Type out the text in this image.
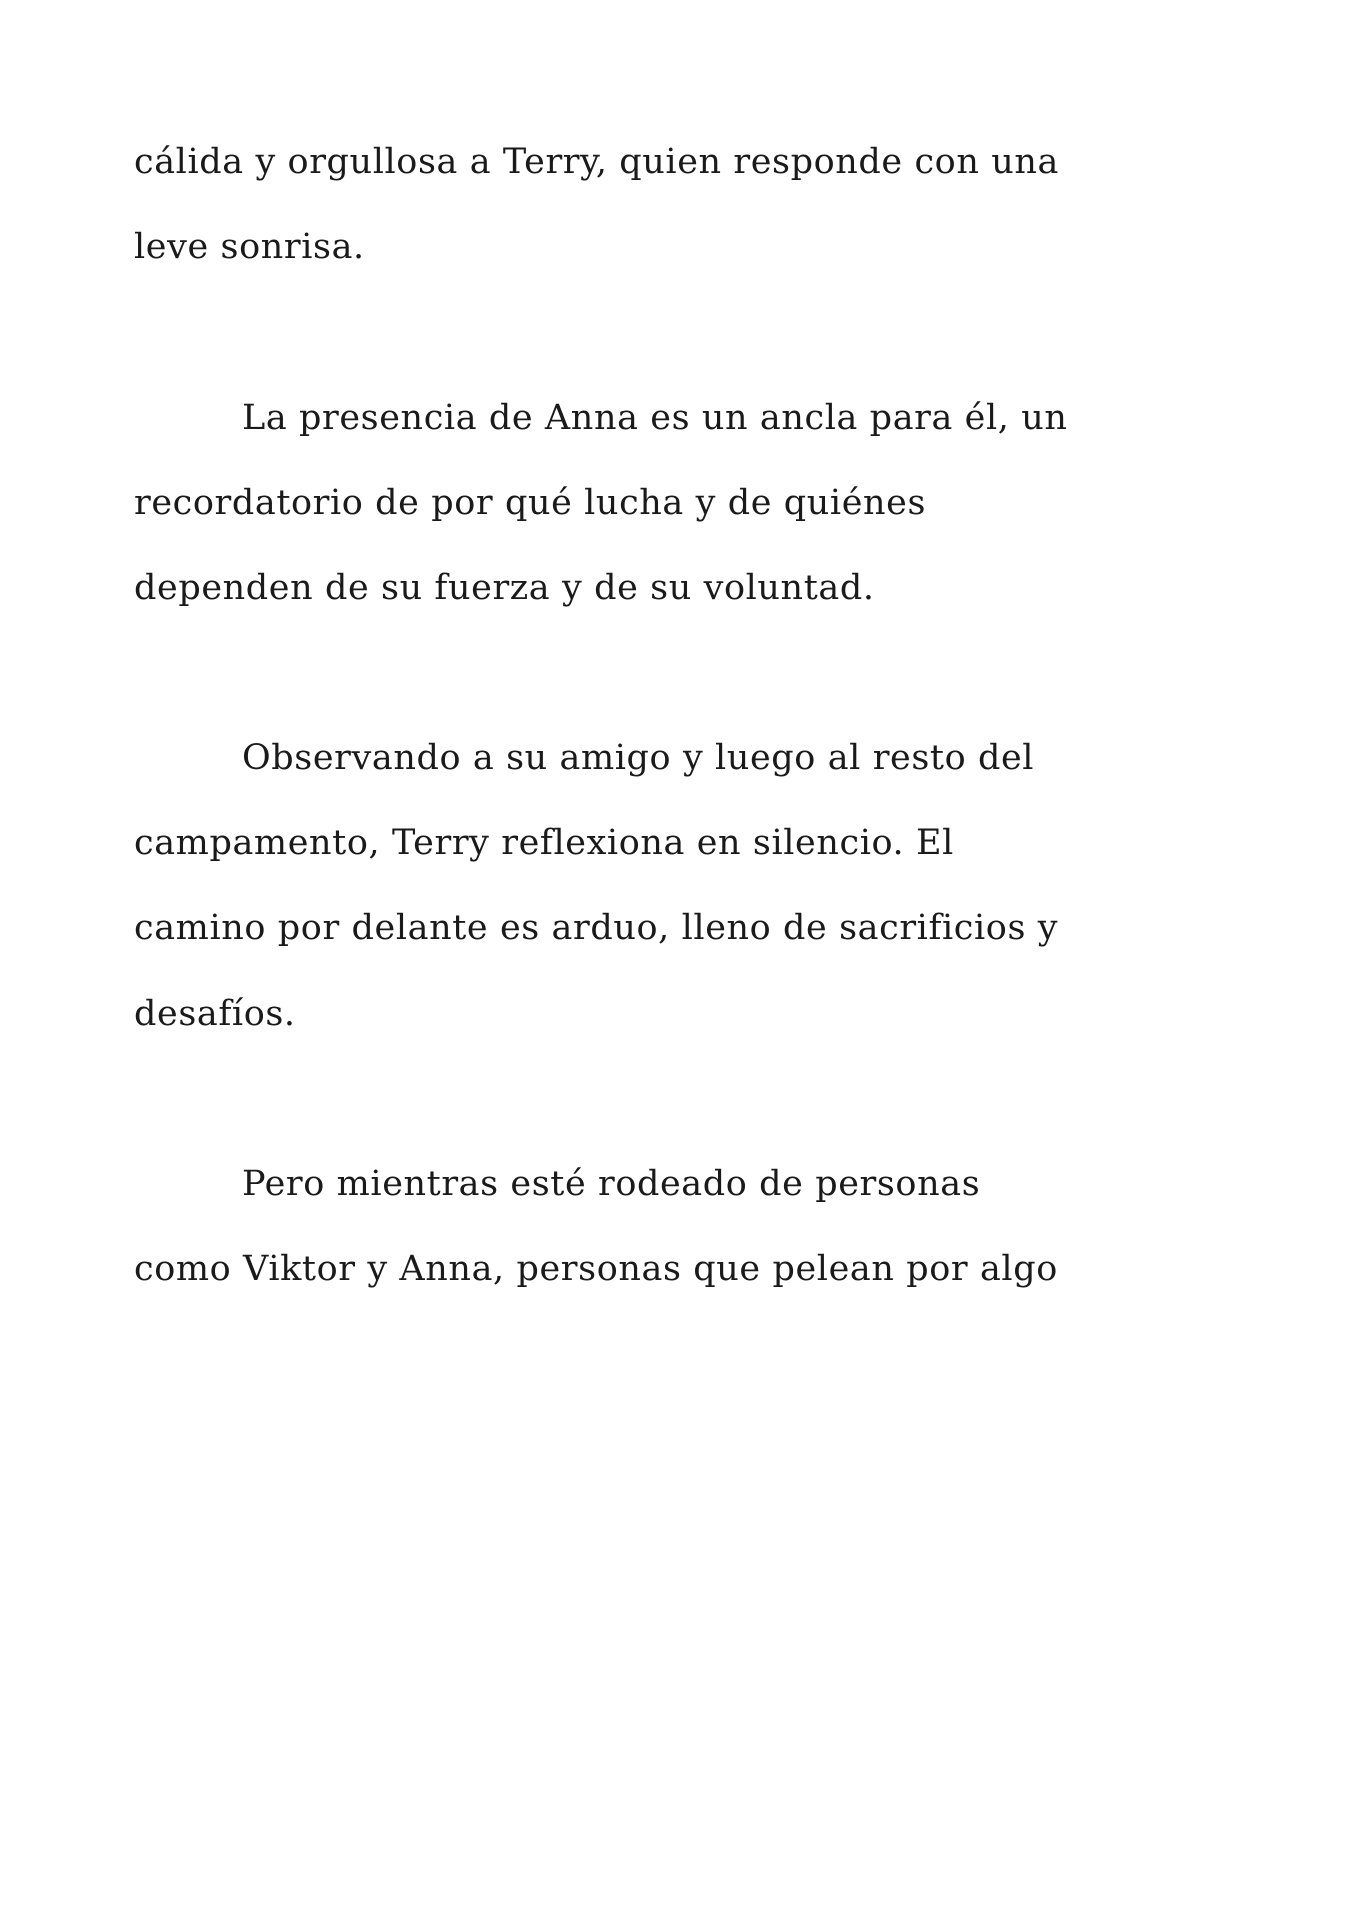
cálida y orgullosa a Terry, quien responde con una

leve sonrisa.

La presencia de Anna es un ancla para él, un

recordatorio de por qué lucha y de quiénes

dependen de su fuerza y de su voluntad.

Observando a su amigo y luego al resto del

campamento, Terry reflexiona en silencio. El

camino por delante es arduo, lleno de sacrificios y

desafíos.

Pero mientras esté rodeado de personas

como Viktor y Anna, personas que pelean por algo
